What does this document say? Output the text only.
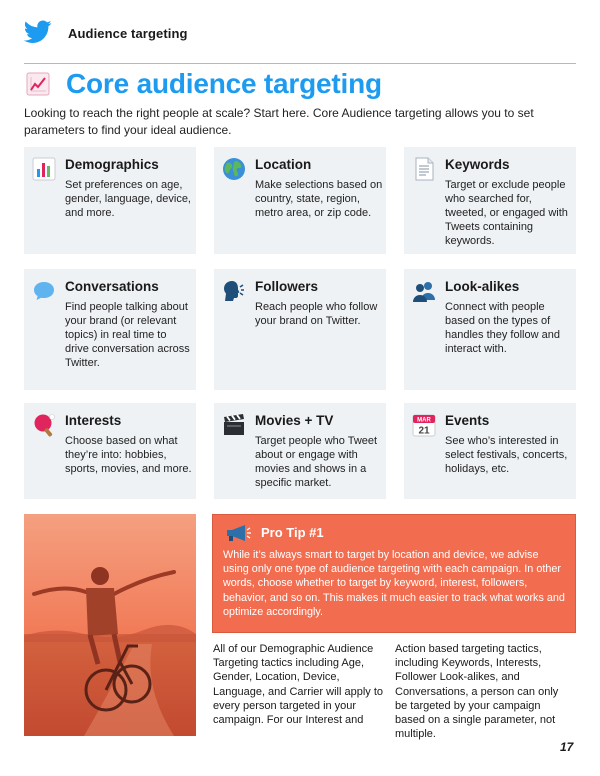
Audience targeting
Core audience targeting
Looking to reach the right people at scale? Start here. Core Audience targeting allows you to set parameters to find your ideal audience.
Demographics
Set preferences on age, gender, language, device, and more.
Location
Make selections based on country, state, region, metro area, or zip code.
Keywords
Target or exclude people who searched for, tweeted, or engaged with Tweets containing keywords.
Conversations
Find people talking about your brand (or relevant topics) in real time to drive conversation across Twitter.
Followers
Reach people who follow your brand on Twitter.
Look-alikes
Connect with people based on the types of handles they follow and interact with.
Interests
Choose based on what they’re into: hobbies, sports, movies, and more.
Movies + TV
Target people who Tweet about or engage with movies and shows in a specific market.
MAR
21
Events
See who’s interested in select festivals, concerts, holidays, etc.
Pro Tip #1
While it’s always smart to target by location and device, we advise using only one type of audience targeting with each campaign. In other words, choose whether to target by keyword, interest, followers, behavior, and so on. This makes it much easier to track what works and optimize accordingly.
All of our Demographic Audience Targeting tactics including Age, Gender, Location, Device, Language, and Carrier will apply to every person targeted in your campaign. For our Interest and
Action based targeting tactics, including Keywords, Interests, Follower Look-alikes, and Conversations, a person can only be targeted by your campaign based on a single parameter, not multiple.
17
